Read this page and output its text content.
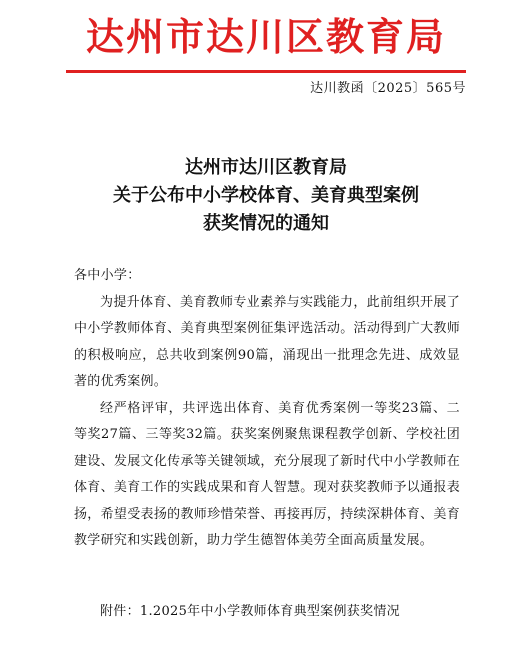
达州市达川区教育局
达川教函〔2025〕565号
达州市达川区教育局
关于公布中小学校体育、美育典型案例
获奖情况的通知

各中小学：

为提升体育、美育教师专业素养与实践能力，此前组织开展了中小学教师体育、美育典型案例征集评选活动。活动得到广大教师的积极响应，总共收到案例90篇，涌现出一批理念先进、成效显著的优秀案例。

经严格评审，共评选出体育、美育优秀案例一等奖23篇、二等奖27篇、三等奖32篇。获奖案例聚焦课程教学创新、学校社团建设、发展文化传承等关键领域，充分展现了新时代中小学教师在体育、美育工作的实践成果和育人智慧。现对获奖教师予以通报表扬，希望受表扬的教师珍惜荣誉、再接再厉，持续深耕体育、美育教学研究和实践创新，助力学生德智体美劳全面高质量发展。

附件：1.2025年中小学教师体育典型案例获奖情况
